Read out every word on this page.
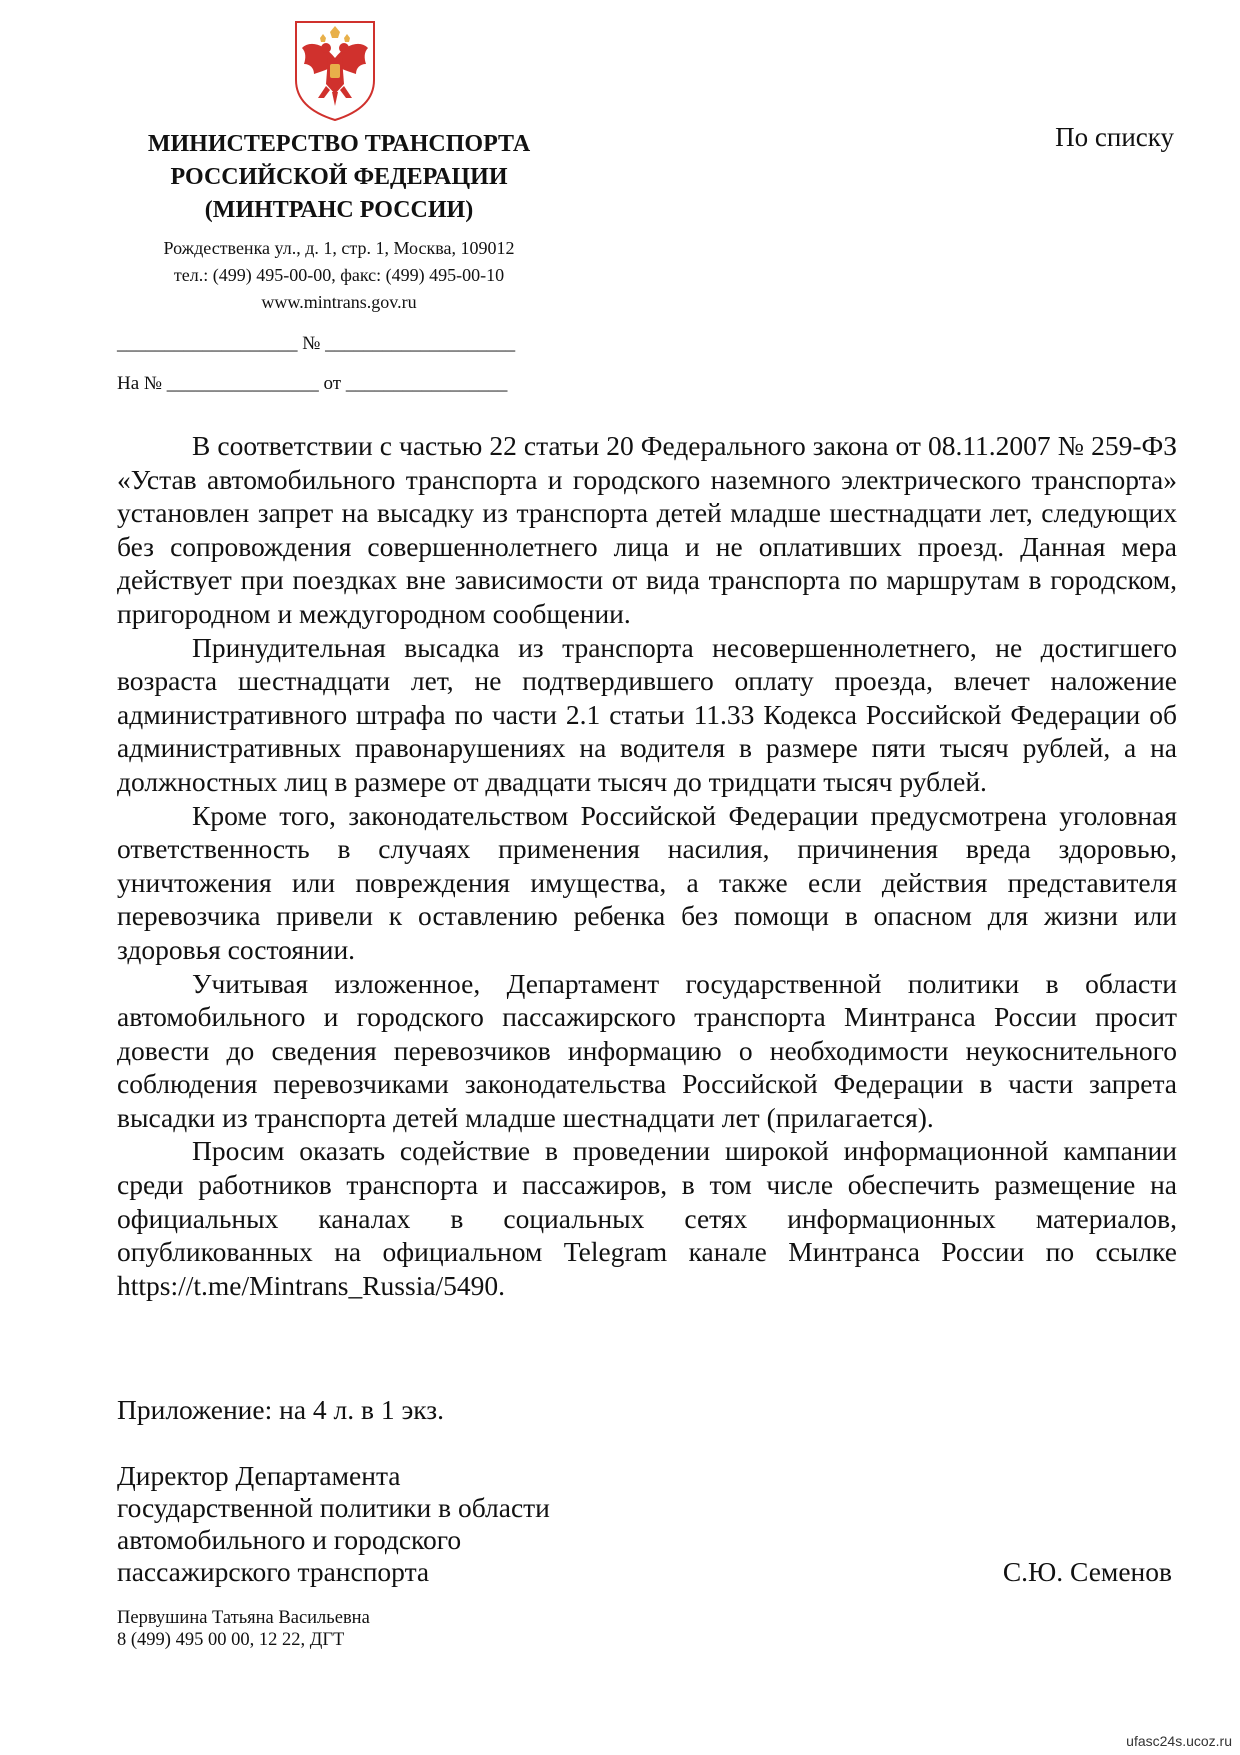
МИНИСТЕРСТВО ТРАНСПОРТА
РОССИЙСКОЙ ФЕДЕРАЦИИ
(МИНТРАНС РОССИИ)
Рождественка ул., д. 1, стр. 1, Москва, 109012
тел.: (499) 495-00-00, факс: (499) 495-00-10
www.mintrans.gov.ru
По списку
___________________ № ____________________
На № ________________ от _________________

В соответствии с частью 22 статьи 20 Федерального закона от 08.11.2007 № 259-ФЗ «Устав автомобильного транспорта и городского наземного электрического транспорта» установлен запрет на высадку из транспорта детей младше шестнадцати лет, следующих без сопровождения совершеннолетнего лица и не оплативших проезд. Данная мера действует при поездках вне зависимости от вида транспорта по маршрутам в городском, пригородном и междугородном сообщении.

Принудительная высадка из транспорта несовершеннолетнего, не достигшего возраста шестнадцати лет, не подтвердившего оплату проезда, влечет наложение административного штрафа по части 2.1 статьи 11.33 Кодекса Российской Федерации об административных правонарушениях на водителя в размере пяти тысяч рублей, а на должностных лиц в размере от двадцати тысяч до тридцати тысяч рублей.

Кроме того, законодательством Российской Федерации предусмотрена уголовная ответственность в случаях применения насилия, причинения вреда здоровью, уничтожения или повреждения имущества, а также если действия представителя перевозчика привели к оставлению ребенка без помощи в опасном для жизни или здоровья состоянии.

Учитывая изложенное, Департамент государственной политики в области автомобильного и городского пассажирского транспорта Минтранса России просит довести до сведения перевозчиков информацию о необходимости неукоснительного соблюдения перевозчиками законодательства Российской Федерации в части запрета высадки из транспорта детей младше шестнадцати лет (прилагается).

Просим оказать содействие в проведении широкой информационной кампании среди работников транспорта и пассажиров, в том числе обеспечить размещение на официальных каналах в социальных сетях информационных материалов, опубликованных на официальном Telegram канале Минтранса России по ссылке https://t.me/Mintrans_Russia/5490.

Приложение: на 4 л. в 1 экз.
Директор Департамента
государственной политики в области
автомобильного и городского
пассажирского транспорта	С.Ю. Семенов
Первушина Татьяна Васильевна
8 (499) 495 00 00, 12 22, ДГТ
ufasc24s.ucoz.ru
